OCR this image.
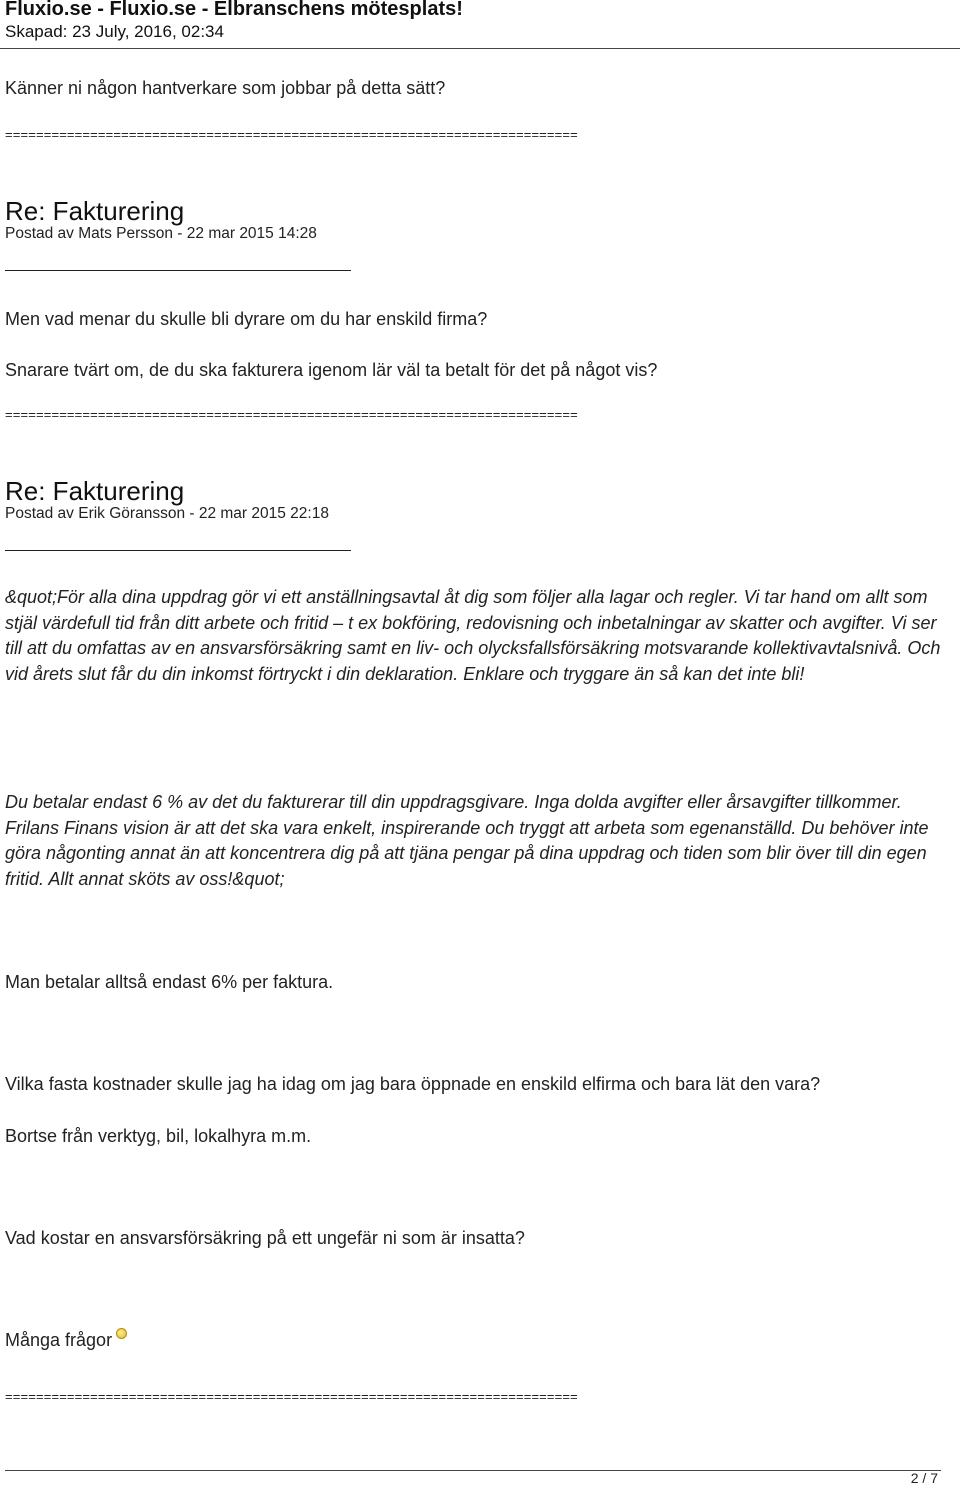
Fluxio.se - Fluxio.se - Elbranschens mötesplats!
Skapad: 23 July, 2016, 02:34
Känner ni någon hantverkare som jobbar på detta sätt?
==========================================================================
Re: Fakturering
Postad av Mats Persson - 22 mar 2015 14:28
Men vad menar du skulle bli dyrare om du har enskild firma?
Snarare tvärt om, de du ska fakturera igenom lär väl ta betalt för det på något vis?
==========================================================================
Re: Fakturering
Postad av Erik Göransson - 22 mar 2015 22:18
&quot;För alla dina uppdrag gör vi ett anställningsavtal åt dig som följer alla lagar och regler. Vi tar hand om allt som stjäl värdefull tid från ditt arbete och fritid – t ex bokföring, redovisning och inbetalningar av skatter och avgifter. Vi ser till att du omfattas av en ansvarsförsäkring samt en liv- och olycksfallsförsäkring motsvarande kollektivavtalsnivå. Och vid årets slut får du din inkomst förtryckt i din deklaration. Enklare och tryggare än så kan det inte bli!
Du betalar endast 6 % av det du fakturerar till din uppdragsgivare. Inga dolda avgifter eller årsavgifter tillkommer. Frilans Finans vision är att det ska vara enkelt, inspirerande och tryggt att arbeta som egenanställd. Du behöver inte göra någonting annat än att koncentrera dig på att tjäna pengar på dina uppdrag och tiden som blir över till din egen fritid. Allt annat sköts av oss!&quot;
Man betalar alltså endast 6% per faktura.
Vilka fasta kostnader skulle jag ha idag om jag bara öppnade en enskild elfirma och bara lät den vara?
Bortse från verktyg, bil, lokalhyra m.m.
Vad kostar en ansvarsförsäkring på ett ungefär ni som är insatta?
Många frågor
==========================================================================
2 / 7
